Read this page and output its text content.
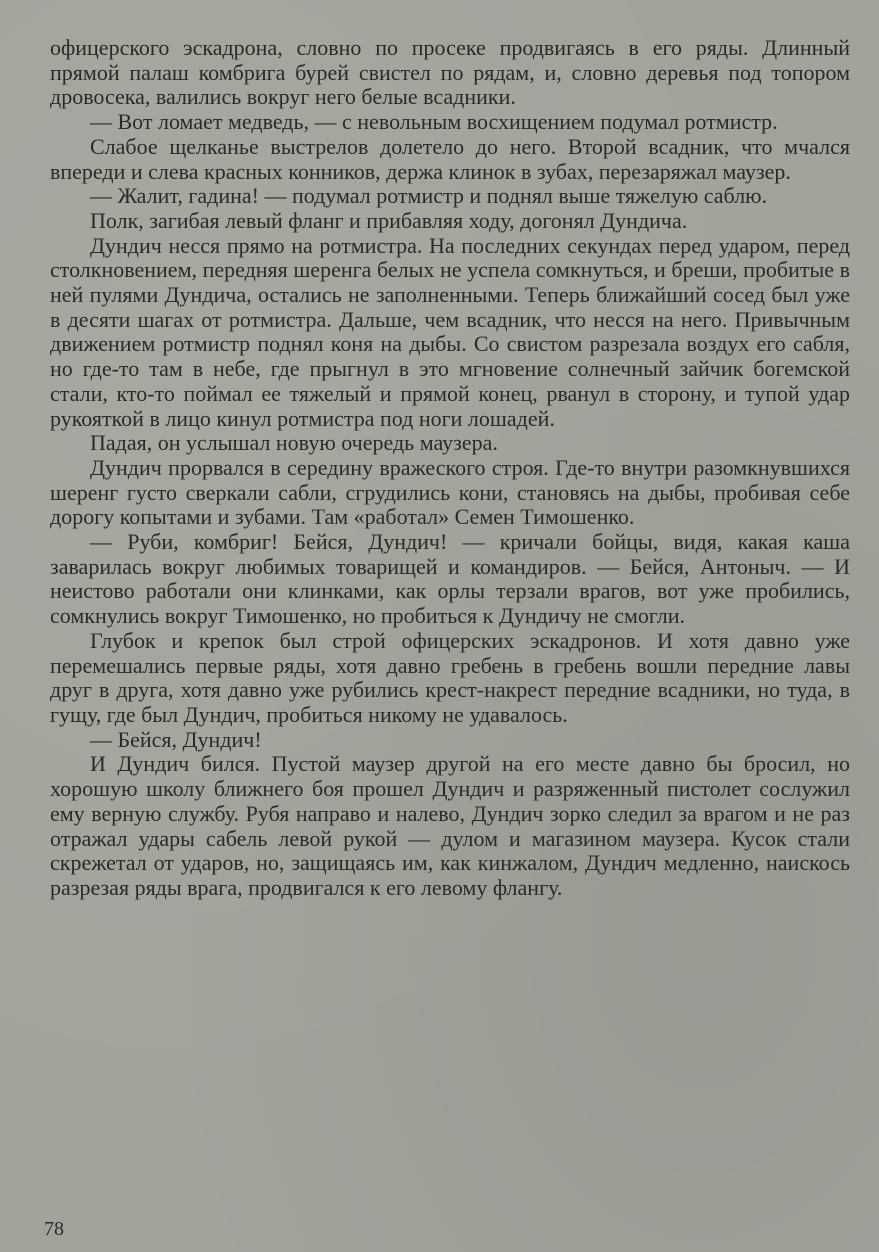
офицерского эскадрона, словно по просеке продвигаясь в его ряды. Длинный прямой палаш комбрига бурей свистел по рядам, и, словно деревья под топором дровосека, валились вокруг него белые всадники.

— Вот ломает медведь, — с невольным восхищением подумал ротмистр.

Слабое щелканье выстрелов долетело до него. Второй всадник, что мчался впереди и слева красных конников, держа клинок в зубах, перезаряжал маузер.

— Жалит, гадина! — подумал ротмистр и поднял выше тяжелую саблю.

Полк, загибая левый фланг и прибавляя ходу, догонял Дундича.

Дундич несся прямо на ротмистра. На последних секундах перед ударом, перед столкновением, передняя шеренга белых не успела сомкнуться, и бреши, пробитые в ней пулями Дундича, остались не заполненными. Теперь ближайший сосед был уже в десяти шагах от ротмистра. Дальше, чем всадник, что несся на него. Привычным движением ротмистр поднял коня на дыбы. Со свистом разрезала воздух его сабля, но где-то там в небе, где прыгнул в это мгновение солнечный зайчик богемской стали, кто-то поймал ее тяжелый и прямой конец, рванул в сторону, и тупой удар рукояткой в лицо кинул ротмистра под ноги лошадей.

Падая, он услышал новую очередь маузера.

Дундич прорвался в середину вражеского строя. Где-то внутри разомкнувшихся шеренг густо сверкали сабли, сгрудились кони, становясь на дыбы, пробивая себе дорогу копытами и зубами. Там «работал» Семен Тимошенко.

— Руби, комбриг! Бейся, Дундич! — кричали бойцы, видя, какая каша заварилась вокруг любимых товарищей и командиров. — Бейся, Антоныч. — И неистово работали они клинками, как орлы терзали врагов, вот уже пробились, сомкнулись вокруг Тимошенко, но пробиться к Дундичу не смогли.

Глубок и крепок был строй офицерских эскадронов. И хотя давно уже перемешались первые ряды, хотя давно гребень в гребень вошли передние лавы друг в друга, хотя давно уже рубились крест-накрест передние всадники, но туда, в гущу, где был Дундич, пробиться никому не удавалось.

— Бейся, Дундич!

И Дундич бился. Пустой маузер другой на его месте давно бы бросил, но хорошую школу ближнего боя прошел Дундич и разряженный пистолет сослужил ему верную службу. Рубя направо и налево, Дундич зорко следил за врагом и не раз отражал удары сабель левой рукой — дулом и магазином маузера. Кусок стали скрежетал от ударов, но, защищаясь им, как кинжалом, Дундич медленно, наискось разрезая ряды врага, продвигался к его левому флангу.

78
